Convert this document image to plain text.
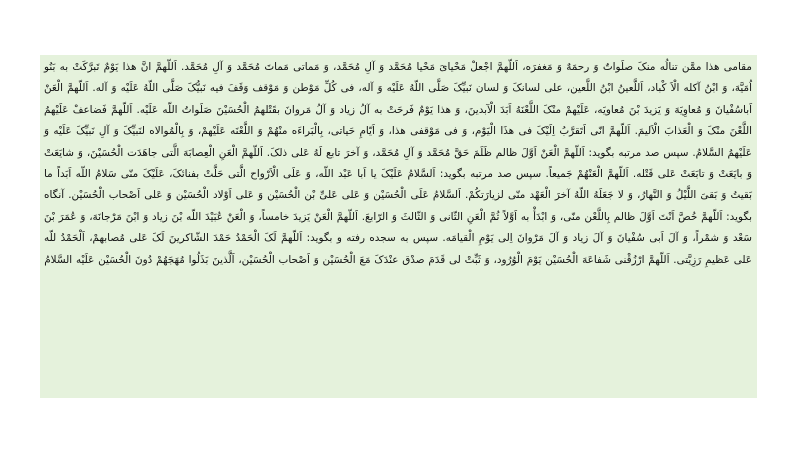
مقامی هذا ممَّن تنالُه منکَ صلَواتٌ وَ رحمَهٌ وَ مَغفرَه، اَللّهمَّ اجْعلْ مَحْیایَ مَحْیا مُحَمَّد وَ آلِ مُحَمَّد، وَ مَماتی مَماتَ مُحَمَّد وَ آلِ مُحَمَّد. اَللّهمَّ انَّ هذا یَوْمٌ تَبرَّکَتْ به بَنُو اُمَیَّهَ، وَ ابْنُ آکله الْاَ کْباد، اَللَّعینُ ابْنُ اللَّعین، علی لسانکَ وَ لسان نَبیِّکَ صَلَّی اللّهُ عَلَیْه وَ آله، فی کُلِّ مَوْطن وَ مَوْقف وَقَفَ فیه نَبیُّکَ صَلَّی اللّهُ عَلَیْه وَ آله. اَللّهمَّ الْعَنْ اَباسُفْیانَ وَ مُعاوِیَهَ وَ یَزیدَ بْنَ مُعاویَه، عَلَیْهمْ منْکَ اللَّعْنَهُ اَبَدَ الْآبدینَ، وَ هذا یَوْمٌ فَرحَتْ به آلُ زیاد وَ آلُ مَروانَ بقَتْلهمُ الْحُسَیْنَ صَلَواتُ اللّه عَلَیْه. اَللّهمَّ فَضاعفْ عَلَیْهمُ اللَّعْنَ منْکَ وَ الْعَذابَ الْاَلیمَ. اَللّهمَّ انّی اَتَقرَّبُ اِلَیْکَ فی هذَا الْیَوْم، وَ فی مَوْقفی هذا، وَ اَیّامِ حَیاتی، بِالْبَراءَه منْهُمْ وَ اللَّعْنَه عَلَیْهمْ، وَ بِالْمُوالاه لنَبیِّکَ وَ آلِ نَبیِّکَ عَلَیْه وَ عَلَیْهمُ السَّلامُ. سپس صد مرتبه بگوید: اَللّهمَّ الْعَنْ اَوَّلَ ظالم ظَلَمَ حَقَّ مُحَمَّد وَ آلِ مُحَمَّد، وَ آخرَ تابع لَهُ عَلی ذلکَ. اَللّهمَّ الْعَنِ الْعِصابَهَ الَّتی جاهَدَت الْحُسَیْنَ، وَ شایَعَتْ وَ بایَعَتْ وَ تابَعَتْ عَلی قَتْله. اَللّهمَّ الْعَنْهُمْ جَمیعاً. سپس صد مرتبه بگوید: اَلسَّلامُ عَلَیْکَ یا اَبا عَبْد اللّه، وَ عَلَی الْاَرْواح الَّتی حَلَّتْ بفنائکَ، عَلَیْکَ منّی سَلامُ اللّه اَبَداً ما بَقیتُ وَ بَقیَ اللَّیْلُ وَ النَّهارُ، وَ لا جَعَلَهُ اللّهُ آخرَ الْعَهْد منّی لزیارَتکُمْ. اَلسَّلامُ عَلَی الْحُسَیْن وَ عَلی عَلیِّ بْن الْحُسَیْن وَ عَلی اَوْلاد الْحُسَیْن وَ عَلی اَصْحاب الْحُسَیْن. آنگاه بگوید: اَللّهمَّ خُصَّ اَنْتَ اَوَّلَ ظالم بِاللَّعْن منّی، وَ ابْدَأْ به اَوَّلاً ثُمَّ الْعَنِ الثّانی وَ الثّالثَ وَ الرّابعَ. اَللّهمَّ الْعَنْ یَزیدَ خامساً، وَ الْعَنْ عُبَیْدَ اللّه بْنَ زیاد وَ ابْنَ مَرْجانَهَ، وَ عُمَرَ بْنَ سَعْد وَ شمْراً، وَ آلَ اَبی سُفْیانَ وَ آلَ زیاد وَ آلَ مَرْوانَ اِلی یَوْمِ الْقیامَه. سپس به سجده رفته و بگوید: اَللّهمَّ لَکَ الْحَمْدُ حَمْدَ الشّاکرینَ لَکَ عَلی مُصابهمْ، اَلْحَمْدُ للّه عَلی عَظیمِ رَزِیَّتی. اَللّهمَّ ارْزُقْنی شَفاعَهَ الْحُسَیْن یَوْمَ الْوُرُود، وَ ثَبِّتْ لی قَدَمَ صدْق عنْدَکَ مَعَ الْحُسَیْن وَ اَصْحاب الْحُسَیْن، اَلَّذینَ بَذَلُوا مُهَجَهُمْ دُونَ الْحُسَیْن عَلَیْه السَّلامُ
